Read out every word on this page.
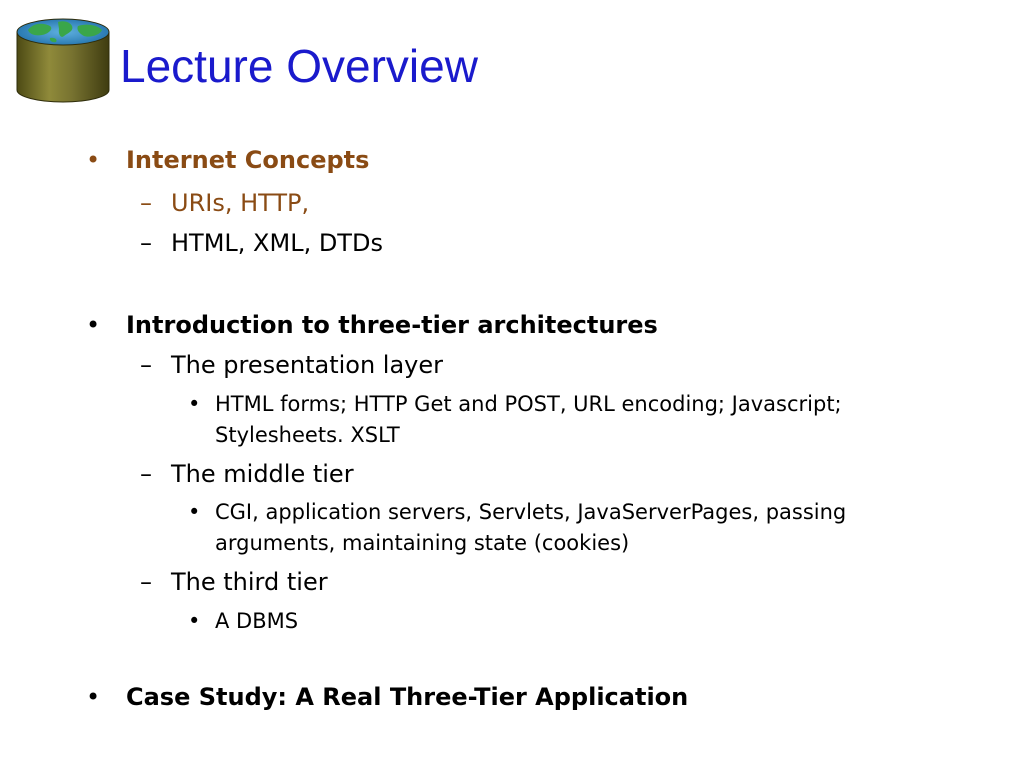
Lecture Overview
•	Internet Concepts
– URIs, HTTP,
– HTML, XML, DTDs
•	Introduction to three-tier architectures
– The presentation layer
• HTML forms; HTTP Get and POST, URL encoding; Javascript;
Stylesheets. XSLT
– The middle tier
• CGI, application servers, Servlets, JavaServerPages, passing
arguments, maintaining state (cookies)
– The third tier
• A DBMS
•	Case Study: A Real Three-Tier Application
